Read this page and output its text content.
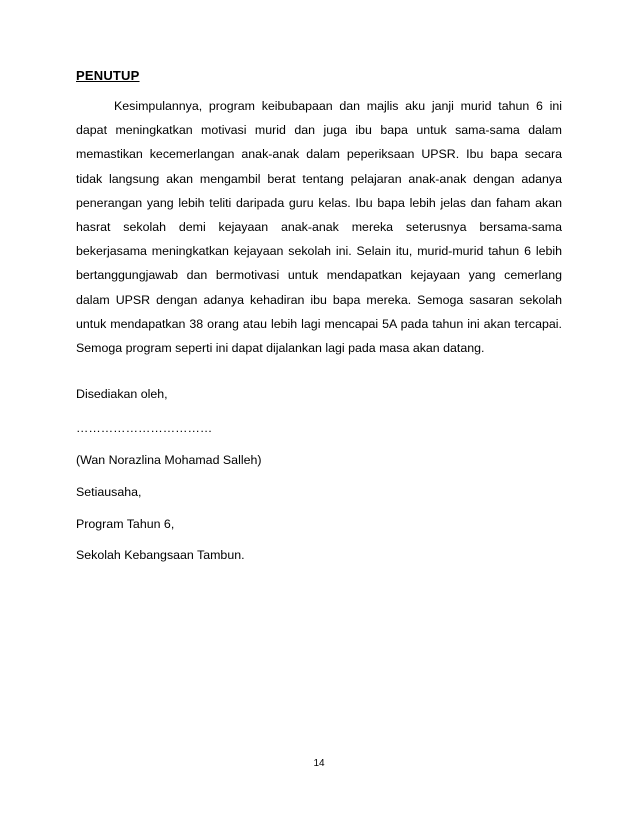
PENUTUP
Kesimpulannya, program keibubapaan dan majlis aku janji murid tahun 6 ini
dapat meningkatkan motivasi murid dan juga ibu bapa untuk sama-sama dalam
memastikan kecemerlangan anak-anak dalam peperiksaan UPSR. Ibu bapa secara
tidak langsung akan mengambil berat tentang pelajaran anak-anak dengan adanya
penerangan yang lebih teliti daripada guru kelas. Ibu bapa lebih jelas dan faham akan
hasrat sekolah demi kejayaan anak-anak mereka seterusnya bersama-sama
bekerjasama meningkatkan kejayaan sekolah ini. Selain itu, murid-murid tahun 6 lebih
bertanggungjawab dan bermotivasi untuk mendapatkan kejayaan yang cemerlang
dalam UPSR dengan adanya kehadiran ibu bapa mereka. Semoga sasaran sekolah
untuk mendapatkan 38 orang atau lebih lagi mencapai 5A pada tahun ini akan tercapai.
Semoga program seperti ini dapat dijalankan lagi pada masa akan datang.
Disediakan oleh,
……………………………
(Wan Norazlina Mohamad Salleh)
Setiausaha,
Program Tahun 6,
Sekolah Kebangsaan Tambun.
14
